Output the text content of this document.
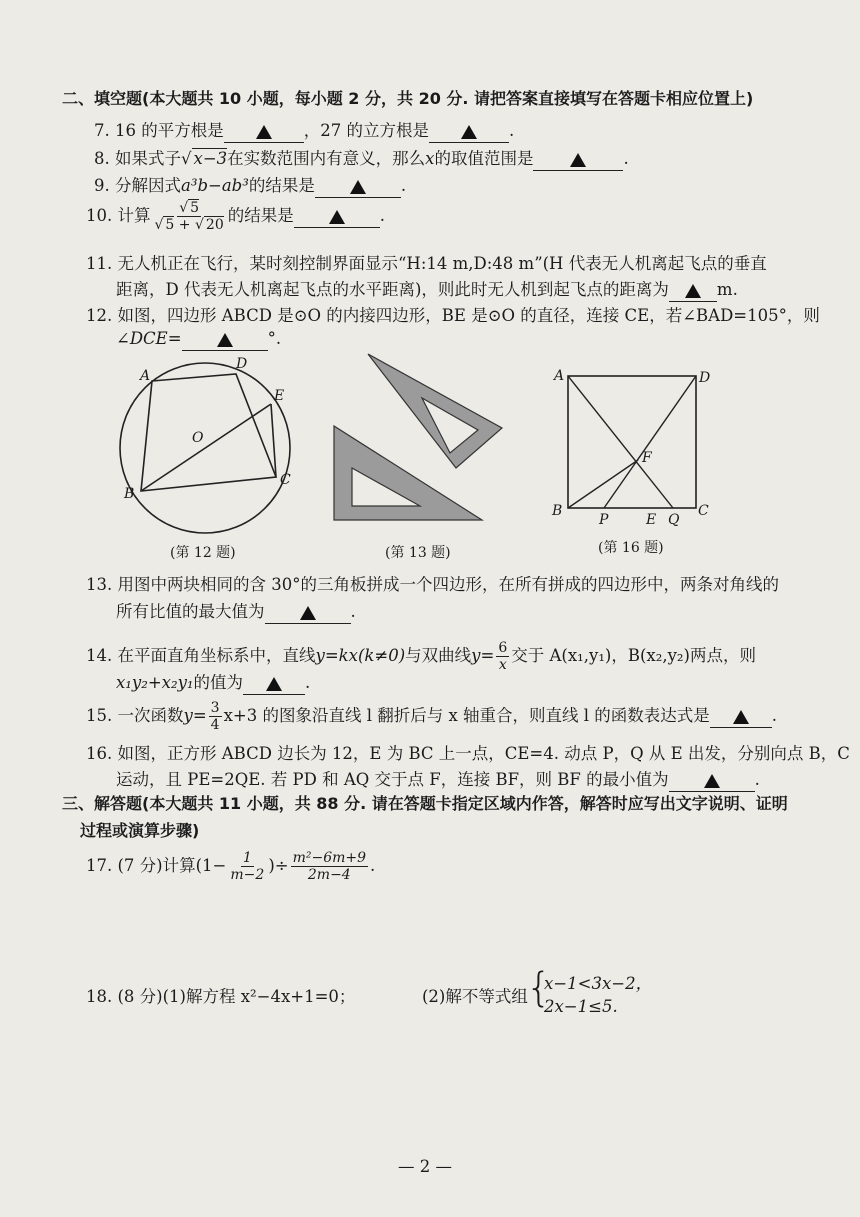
二、填空题(本大题共 10 小题，每小题 2 分，共 20 分. 请把答案直接填写在答题卡相应位置上)
7. 16 的平方根是	，27 的立方根是	.
8. 如果式子√ x−3在实数范围内有意义，那么x的取值范围是	.
9. 分解因式a³b−ab³的结果是	.
10. 计算 $\frac{√ 5}{√ 5 + √ 20}$ 的结果是	.
11. 无人机正在飞行，某时刻控制界面显示“H:14 m,D:48 m”(H 代表无人机离起飞点的垂直
距离，D 代表无人机离起飞点的水平距离)，则此时无人机到起飞点的距离为	m.
12. 如图，四边形 ABCD 是⊙O 的内接四边形，BE 是⊙O 的直径，连接 CE，若∠BAD=105°，则
∠DCE=	°.
A
D
E
O
B
C
(第 12 题)	(第 13 题)
A	D
F
B
P	E Q
C
(第 16 题)
13. 用图中两块相同的含 30°的三角板拼成一个四边形，在所有拼成的四边形中，两条对角线的
所有比值的最大值为	.
14. 在平面直角坐标系中，直线y=kx(k≠0)与双曲线$y= \frac{6}{x}$ 交于 A(x₁,y₁)，B(x₂,y₂)两点，则
x₁y₂+x₂y₁的值为	.
15. 一次函数$y= \frac{3}{4} x+3$ 的图象沿直线 l 翻折后与 x 轴重合，则直线 l 的函数表达式是	.
16. 如图，正方形 ABCD 边长为 12，E 为 BC 上一点，CE=4. 动点 P，Q 从 E 出发，分别向点 B，C
运动，且 PE=2QE. 若 PD 和 AQ 交于点 F，连接 BF，则 BF 的最小值为	.
三、解答题(本大题共 11 小题，共 88 分. 请在答题卡指定区域内作答，解答时应写出文字说明、证明
过程或演算步骤)
17. (7 分)计算($1- \frac{1}{m-2}$ )÷ $\frac{\text{m²−6m+9}}{2m-4}$ .
18. (8 分)(1)解方程 x²−4x+1=0；	(2)解不等式组
{
x−1<3x−2，
2x−1≤5.
— 2 —
